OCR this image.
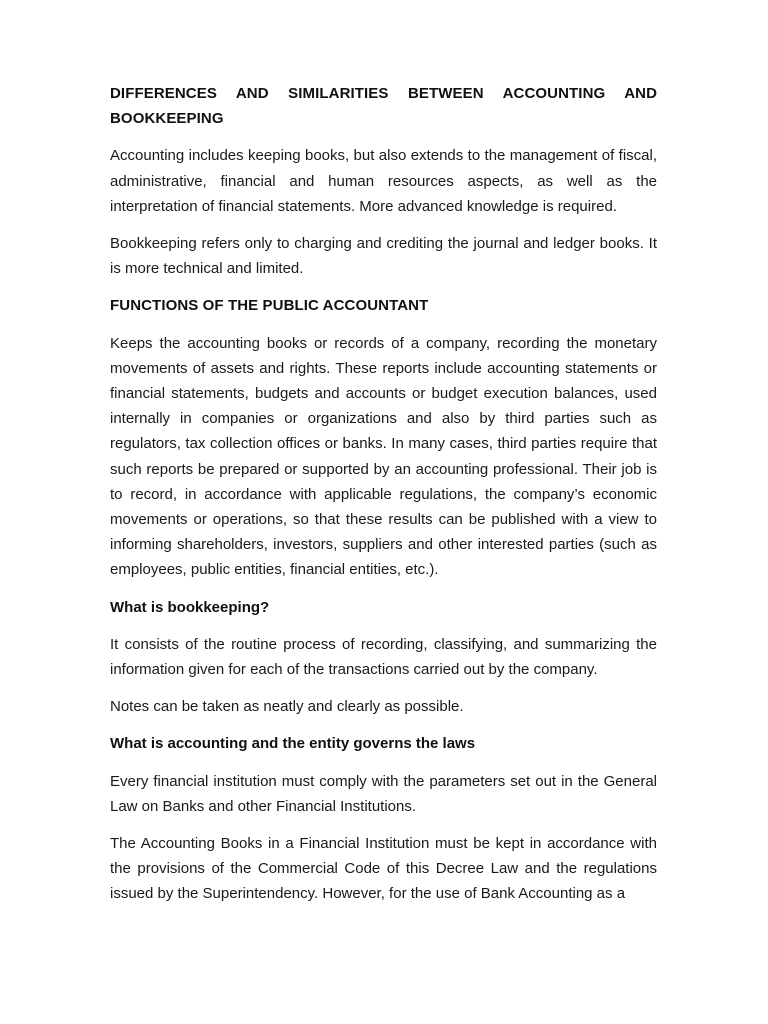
DIFFERENCES AND SIMILARITIES BETWEEN ACCOUNTING AND BOOKKEEPING

Accounting includes keeping books, but also extends to the management of fiscal, administrative, financial and human resources aspects, as well as the interpretation of financial statements. More advanced knowledge is required.

Bookkeeping refers only to charging and crediting the journal and ledger books. It is more technical and limited.

FUNCTIONS OF THE PUBLIC ACCOUNTANT

Keeps the accounting books or records of a company, recording the monetary movements of assets and rights. These reports include accounting statements or financial statements, budgets and accounts or budget execution balances, used internally in companies or organizations and also by third parties such as regulators, tax collection offices or banks. In many cases, third parties require that such reports be prepared or supported by an accounting professional. Their job is to record, in accordance with applicable regulations, the company’s economic movements or operations, so that these results can be published with a view to informing shareholders, investors, suppliers and other interested parties (such as employees, public entities, financial entities, etc.).

What is bookkeeping?

It consists of the routine process of recording, classifying, and summarizing the information given for each of the transactions carried out by the company.

Notes can be taken as neatly and clearly as possible.

What is accounting and the entity governs the laws

Every financial institution must comply with the parameters set out in the General Law on Banks and other Financial Institutions.

The Accounting Books in a Financial Institution must be kept in accordance with the provisions of the Commercial Code of this Decree Law and the regulations issued by the Superintendency. However, for the use of Bank Accounting as a
